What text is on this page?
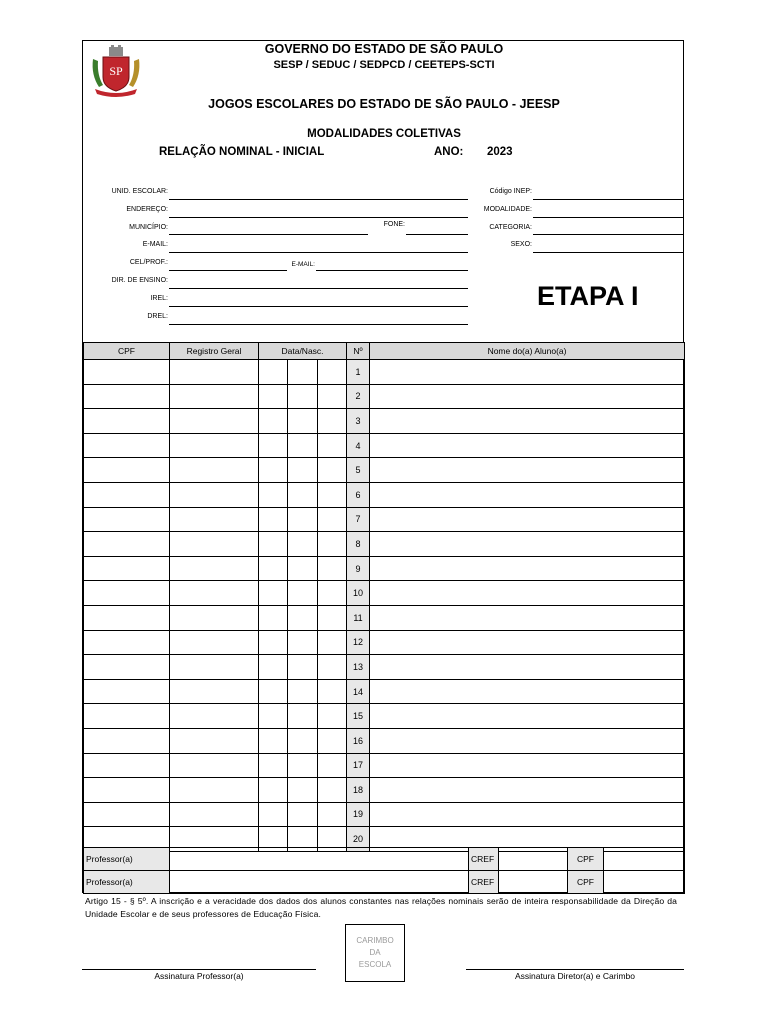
SP
GOVERNO DO ESTADO DE SÃO PAULO
SESP / SEDUC / SEDPCD / CEETEPS-SCTI
JOGOS ESCOLARES DO ESTADO DE SÃO PAULO - JEESP
MODALIDADES COLETIVAS
RELAÇÃO NOMINAL - INICIAL	ANO: 2023
UNID. ESCOLAR:
ENDEREÇO:
MUNICÍPIO:	FONE:
E-MAIL:
CEL/PROF.:	E-MAIL:
DIR. DE ENSINO:
IREL:
DREL:
Código INEP:
MODALIDADE:
CATEGORIA:
SEXO:
ETAPA I
CPF	Registro Geral	Data/Nasc.			Nº	Nome do(a) Aluno(a)
					1	
					2	
					3	
					4	
					5	
					6	
					7	
					8	
					9	
					10	
					11	
					12	
					13	
					14	
					15	
					16	
					17	
					18	
					19	
					20	
Professor(a)		CREF		CPF	
Professor(a)		CREF		CPF	
Artigo 15 - § 5º. A inscrição e a veracidade dos dados dos alunos constantes nas relações nominais serão de inteira responsabilidade da Direção da Unidade Escolar e de seus professores de Educação Física.
CARIMBO
DA
ESCOLA
Assinatura Professor(a)	Assinatura Diretor(a) e Carimbo
